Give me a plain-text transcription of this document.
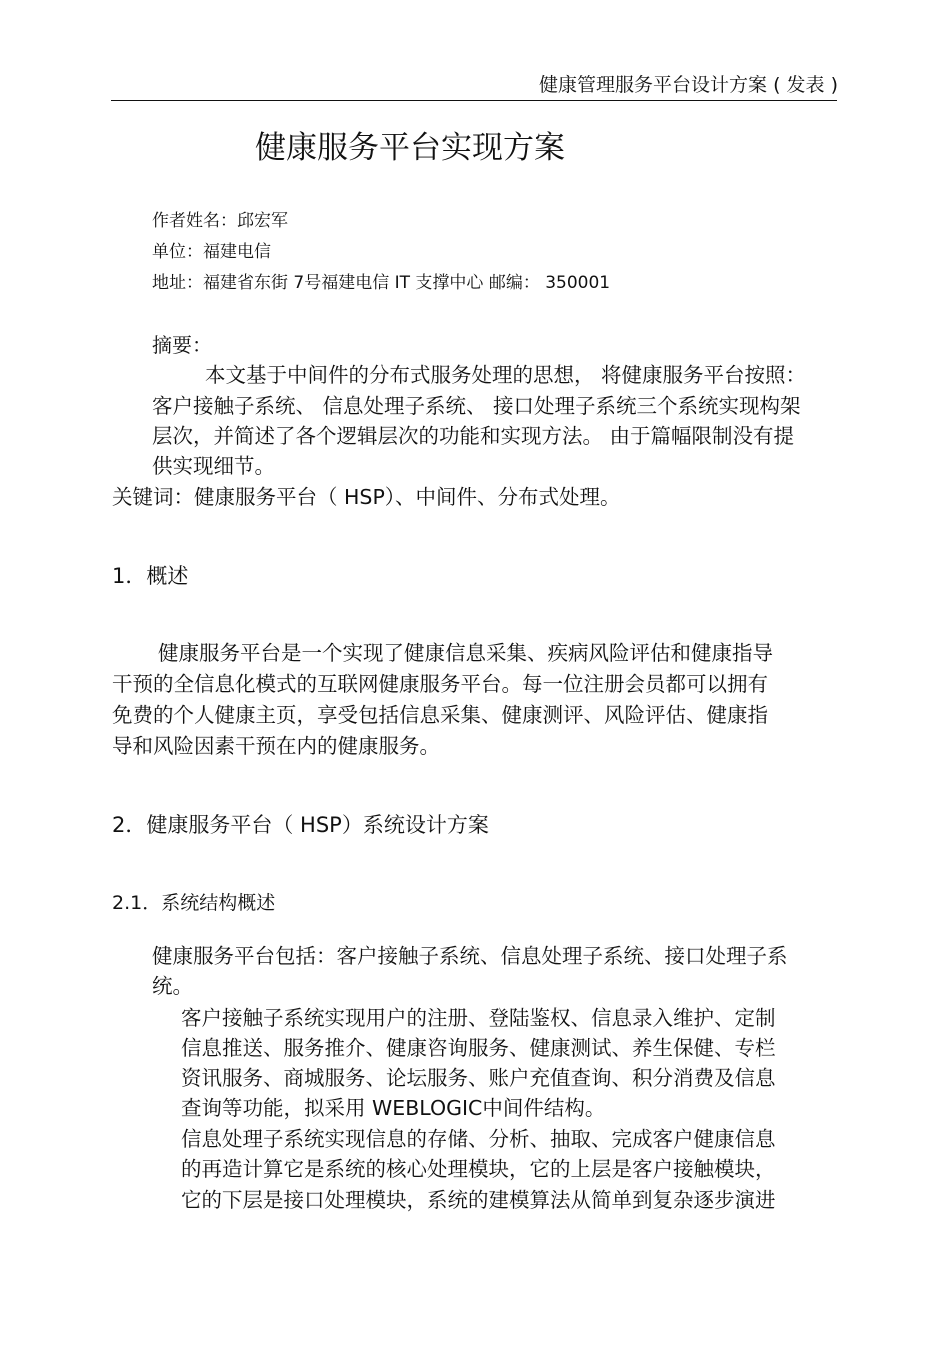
健康管理服务平台设计方案 ( 发表 )
健康服务平台实现方案
作者姓名：邱宏军
单位：福建电信
地址：福建省东街 7号福建电信 IT 支撑中心 邮编： 350001
摘要：
本文基于中间件的分布式服务处理的思想， 将健康服务平台按照：
客户接触子系统、 信息处理子系统、 接口处理子系统三个系统实现构架
层次，并简述了各个逻辑层次的功能和实现方法。 由于篇幅限制没有提
供实现细节。
关键词：健康服务平台（ HSP）、中间件、分布式处理。
1．概述
健康服务平台是一个实现了健康信息采集、疾病风险评估和健康指导
干预的全信息化模式的互联网健康服务平台。每一位注册会员都可以拥有
免费的个人健康主页，享受包括信息采集、健康测评、风险评估、健康指
导和风险因素干预在内的健康服务。
2．健康服务平台（ HSP）系统设计方案
2.1．系统结构概述
健康服务平台包括：客户接触子系统、信息处理子系统、接口处理子系
统。
客户接触子系统实现用户的注册、登陆鉴权、信息录入维护、定制
信息推送、服务推介、健康咨询服务、健康测试、养生保健、专栏
资讯服务、商城服务、论坛服务、账户充值查询、积分消费及信息
查询等功能，拟采用 WEBLOGIC中间件结构。
信息处理子系统实现信息的存储、分析、抽取、完成客户健康信息
的再造计算它是系统的核心处理模块，它的上层是客户接触模块，
它的下层是接口处理模块，系统的建模算法从简单到复杂逐步演进
